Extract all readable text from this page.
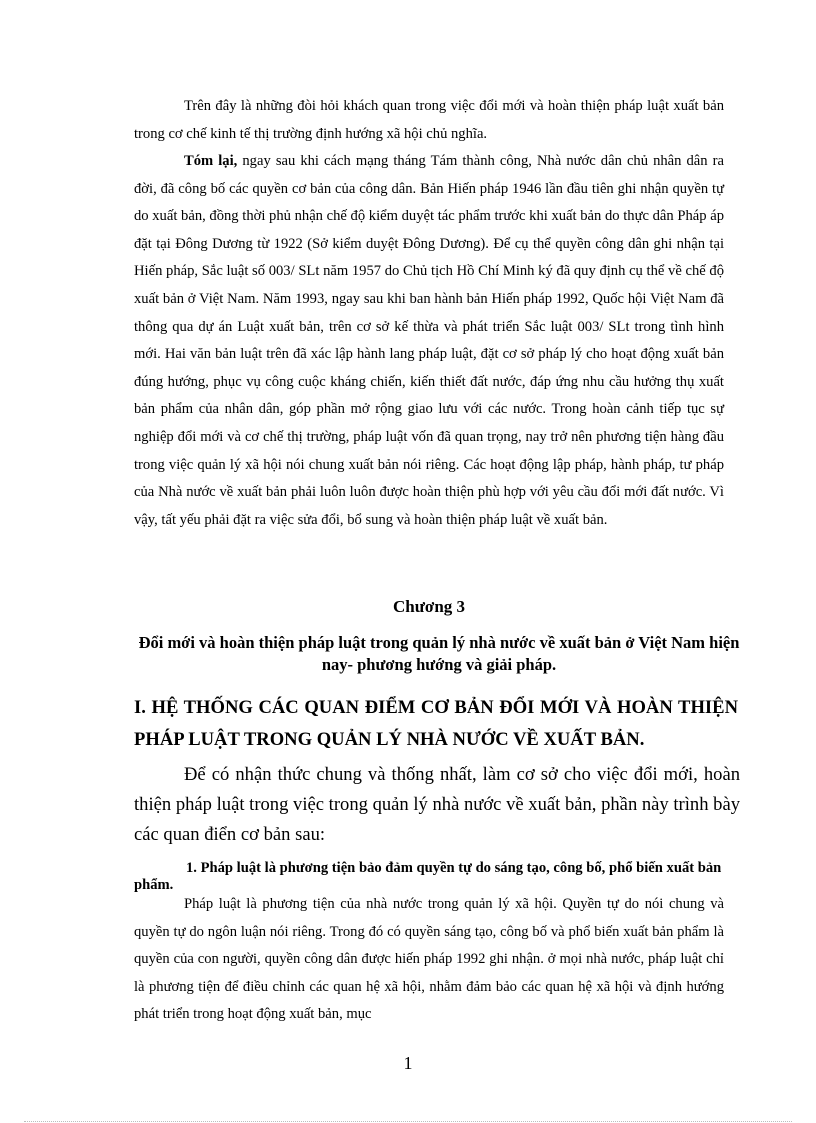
Trên đây là những đòi hỏi khách quan trong việc đổi mới và hoàn thiện pháp luật xuất bản trong cơ chế kinh tế thị trường định hướng xã hội chủ nghĩa.

Tóm lại, ngay sau khi cách mạng tháng Tám thành công, Nhà nước dân chủ nhân dân ra đời, đã công bố các quyền cơ bản của công dân. Bản Hiến pháp 1946 lần đầu tiên ghi nhận quyền tự do xuất bản, đồng thời phủ nhận chế độ kiểm duyệt tác phẩm trước khi xuất bản do thực dân Pháp áp đặt tại Đông Dương từ 1922 (Sở kiểm duyệt Đông Dương). Để cụ thể quyền công dân ghi nhận tại Hiến pháp, Sắc luật số 003/ SLt năm 1957 do Chủ tịch Hồ Chí Minh ký đã quy định cụ thể về chế độ xuất bản ở Việt Nam. Năm 1993, ngay sau khi ban hành bản Hiến pháp 1992, Quốc hội Việt Nam đã thông qua dự án Luật xuất bản, trên cơ sở kế thừa và phát triển Sắc luật 003/ SLt trong tình hình mới. Hai văn bản luật trên đã xác lập hành lang pháp luật, đặt cơ sở pháp lý cho hoạt động xuất bản đúng hướng, phục vụ công cuộc kháng chiến, kiến thiết đất nước, đáp ứng nhu cầu hưởng thụ xuất bản phẩm của nhân dân, góp phần mở rộng giao lưu với các nước. Trong hoàn cảnh tiếp tục sự nghiệp đổi mới và cơ chế thị trường, pháp luật vốn đã quan trọng, nay trở nên phương tiện hàng đầu trong việc quản lý xã hội nói chung xuất bản nói riêng. Các hoạt động lập pháp, hành pháp, tư pháp của Nhà nước về xuất bản phải luôn luôn được hoàn thiện phù hợp với yêu cầu đổi mới đất nước. Vì vậy, tất yếu phải đặt ra việc sửa đổi, bổ sung và hoàn thiện pháp luật về xuất bản.

Chương 3
Đổi mới và hoàn thiện pháp luật trong quản lý nhà nước về xuất bản ở Việt Nam hiện nay- phương hướng và giải pháp.
I. HỆ THỐNG CÁC QUAN ĐIỂM CƠ BẢN ĐỔI MỚI VÀ HOÀN THIỆN PHÁP LUẬT TRONG QUẢN LÝ NHÀ NƯỚC VỀ XUẤT BẢN.

Để có nhận thức chung và thống nhất, làm cơ sở cho việc đổi mới, hoàn thiện pháp luật trong việc trong quản lý nhà nước về xuất bản, phần này trình bày các quan điển cơ bản sau:

1. Pháp luật là phương tiện bảo đảm quyền tự do sáng tạo, công bố, phổ biến xuất bản phẩm.

Pháp luật là phương tiện của nhà nước trong quản lý xã hội. Quyền tự do nói chung và quyền tự do ngôn luận nói riêng. Trong đó có quyền sáng tạo, công bố và phổ biến xuất bản phẩm là quyền của con người, quyền công dân được hiến pháp 1992 ghi nhận. ở mọi nhà nước, pháp luật chỉ là phương tiện để điều chỉnh các quan hệ xã hội, nhằm đảm bảo các quan hệ xã hội và định hướng phát triển trong hoạt động xuất bản, mục

1
